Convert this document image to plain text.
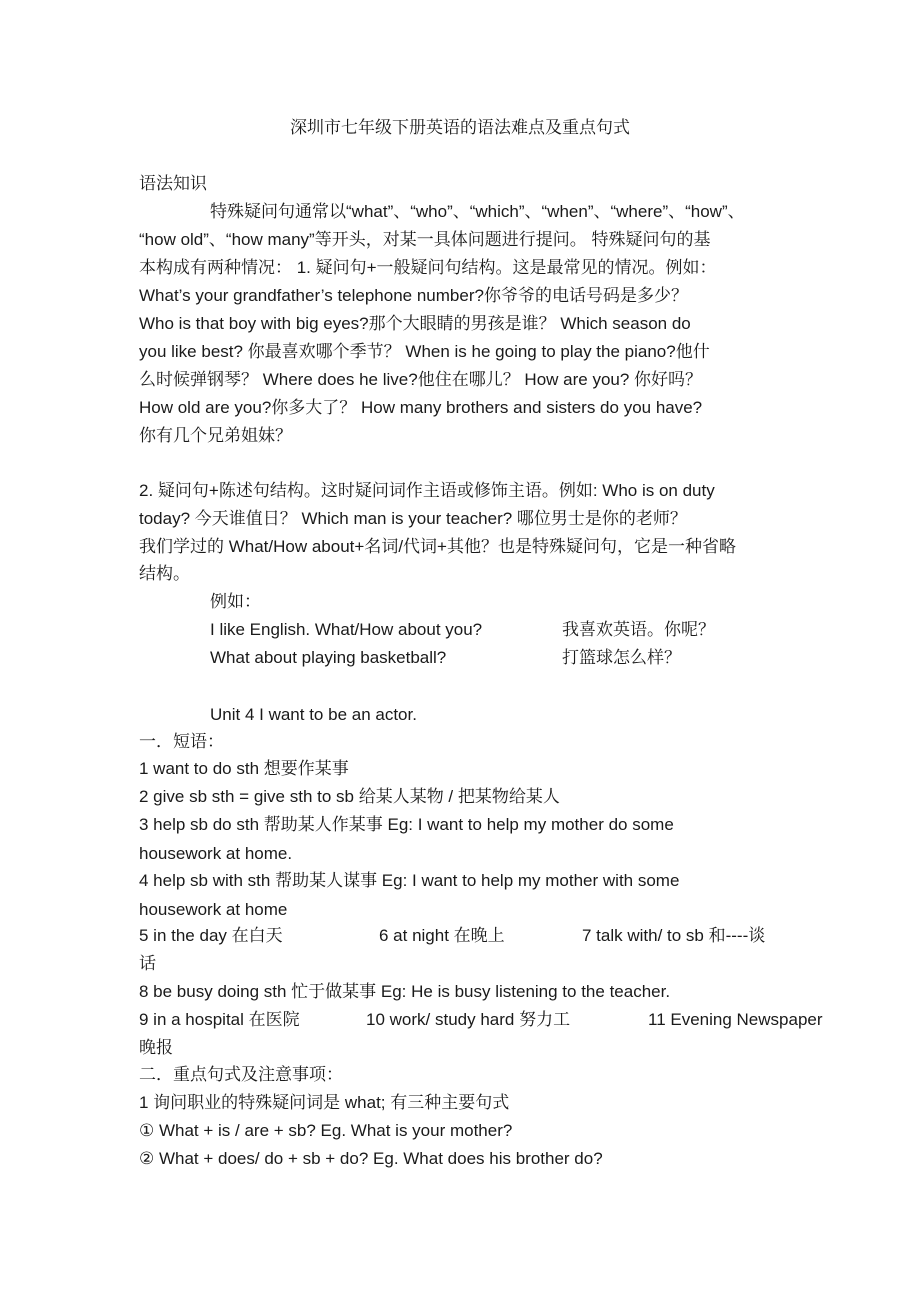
深圳市七年级下册英语的语法难点及重点句式
语法知识
特殊疑问句通常以“what”、“who”、“which”、“when”、“where”、“how”、
“how old”、“how many”等开头，对某一具体问题进行提问。 特殊疑问句的基
本构成有两种情况： 1. 疑问句+一般疑问句结构。这是最常见的情况。例如：
What’s your grandfather’s telephone number?你爷爷的电话号码是多少？
Who is that boy with big eyes?那个大眼睛的男孩是谁？ Which season do
you like best? 你最喜欢哪个季节？ When is he going to play the piano?他什
么时候弹钢琴？ Where does he live?他住在哪儿？ How are you? 你好吗？
How old are you?你多大了？ How many brothers and sisters do you have?
你有几个兄弟姐妹？
2. 疑问句+陈述句结构。这时疑问词作主语或修饰主语。例如: Who is on duty
today? 今天谁值日？ Which man is your teacher? 哪位男士是你的老师？
我们学过的 What/How about+名词/代词+其他？也是特殊疑问句，它是一种省略
结构。
例如：
I like English. What/How about you?	我喜欢英语。你呢？
What about playing basketball?	打篮球怎么样？
Unit 4 I want to be an actor.
一．短语：
1 want to do sth 想要作某事
2 give sb sth = give sth to sb 给某人某物 / 把某物给某人
3 help sb do sth 帮助某人作某事 Eg: I want to help my mother do some
housework at home.
4 help sb with sth 帮助某人谋事 Eg: I want to help my mother with some
housework at home
5 in the day 在白天	6 at night 在晚上	7 talk with/ to sb 和----谈
话
8 be busy doing sth 忙于做某事 Eg: He is busy listening to the teacher.
9 in a hospital 在医院	10 work/ study hard 努力工	11 Evening Newspaper
晚报
二．重点句式及注意事项：
1 询问职业的特殊疑问词是 what; 有三种主要句式
① What + is / are + sb? Eg. What is your mother?
② What + does/ do + sb + do? Eg. What does his brother do?
